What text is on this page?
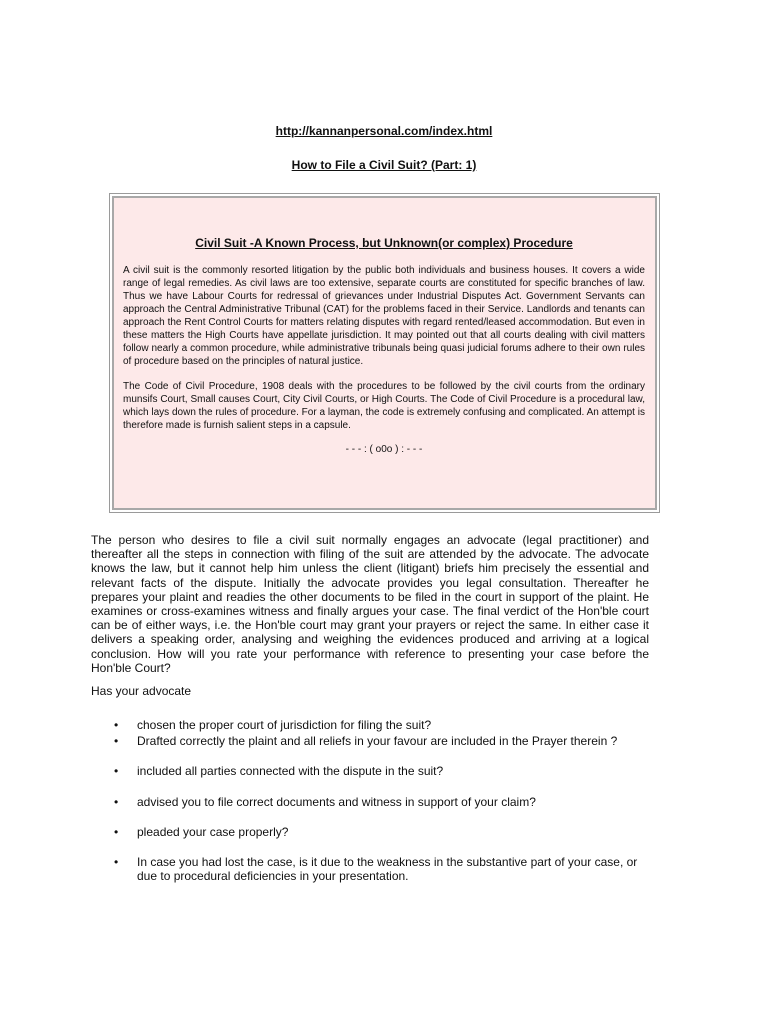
http://kannanpersonal.com/index.html
How to File a Civil Suit? (Part: 1)
Civil Suit -A Known Process, but Unknown(or complex) Procedure

A civil suit is the commonly resorted litigation by the public both individuals and business houses. It covers a wide range of legal remedies. As civil laws are too extensive, separate courts are constituted for specific branches of law. Thus we have Labour Courts for redressal of grievances under Industrial Disputes Act. Government Servants can approach the Central Administrative Tribunal (CAT) for the problems faced in their Service. Landlords and tenants can approach the Rent Control Courts for matters relating disputes with regard rented/leased accommodation. But even in these matters the High Courts have appellate jurisdiction. It may pointed out that all courts dealing with civil matters follow nearly a common procedure, while administrative tribunals being quasi judicial forums adhere to their own rules of procedure based on the principles of natural justice.

The Code of Civil Procedure, 1908 deals with the procedures to be followed by the civil courts from the ordinary munsifs Court, Small causes Court, City Civil Courts, or High Courts. The Code of Civil Procedure is a procedural law, which lays down the rules of procedure. For a layman, the code is extremely confusing and complicated. An attempt is therefore made is furnish salient steps in a capsule.

- - - : ( o0o ) : - - -

The person who desires to file a civil suit normally engages an advocate (legal practitioner) and thereafter all the steps in connection with filing of the suit are attended by the advocate. The advocate knows the law, but it cannot help him unless the client (litigant) briefs him precisely the essential and relevant facts of the dispute. Initially the advocate provides you legal consultation. Thereafter he prepares your plaint and readies the other documents to be filed in the court in support of the plaint. He examines or cross-examines witness and finally argues your case. The final verdict of the Hon'ble court can be of either ways, i.e. the Hon'ble court may grant your prayers or reject the same. In either case it delivers a speaking order, analysing and weighing the evidences produced and arriving at a logical conclusion. How will you rate your performance with reference to presenting your case before the Hon'ble Court?

Has your advocate

• chosen the proper court of jurisdiction for filing the suit?
• Drafted correctly the plaint and all reliefs in your favour are included in the Prayer therein ?
• included all parties connected with the dispute in the suit?
• advised you to file correct documents and witness in support of your claim?
• pleaded your case properly?
• In case you had lost the case, is it due to the weakness in the substantive part of your case, or due to procedural deficiencies in your presentation.
